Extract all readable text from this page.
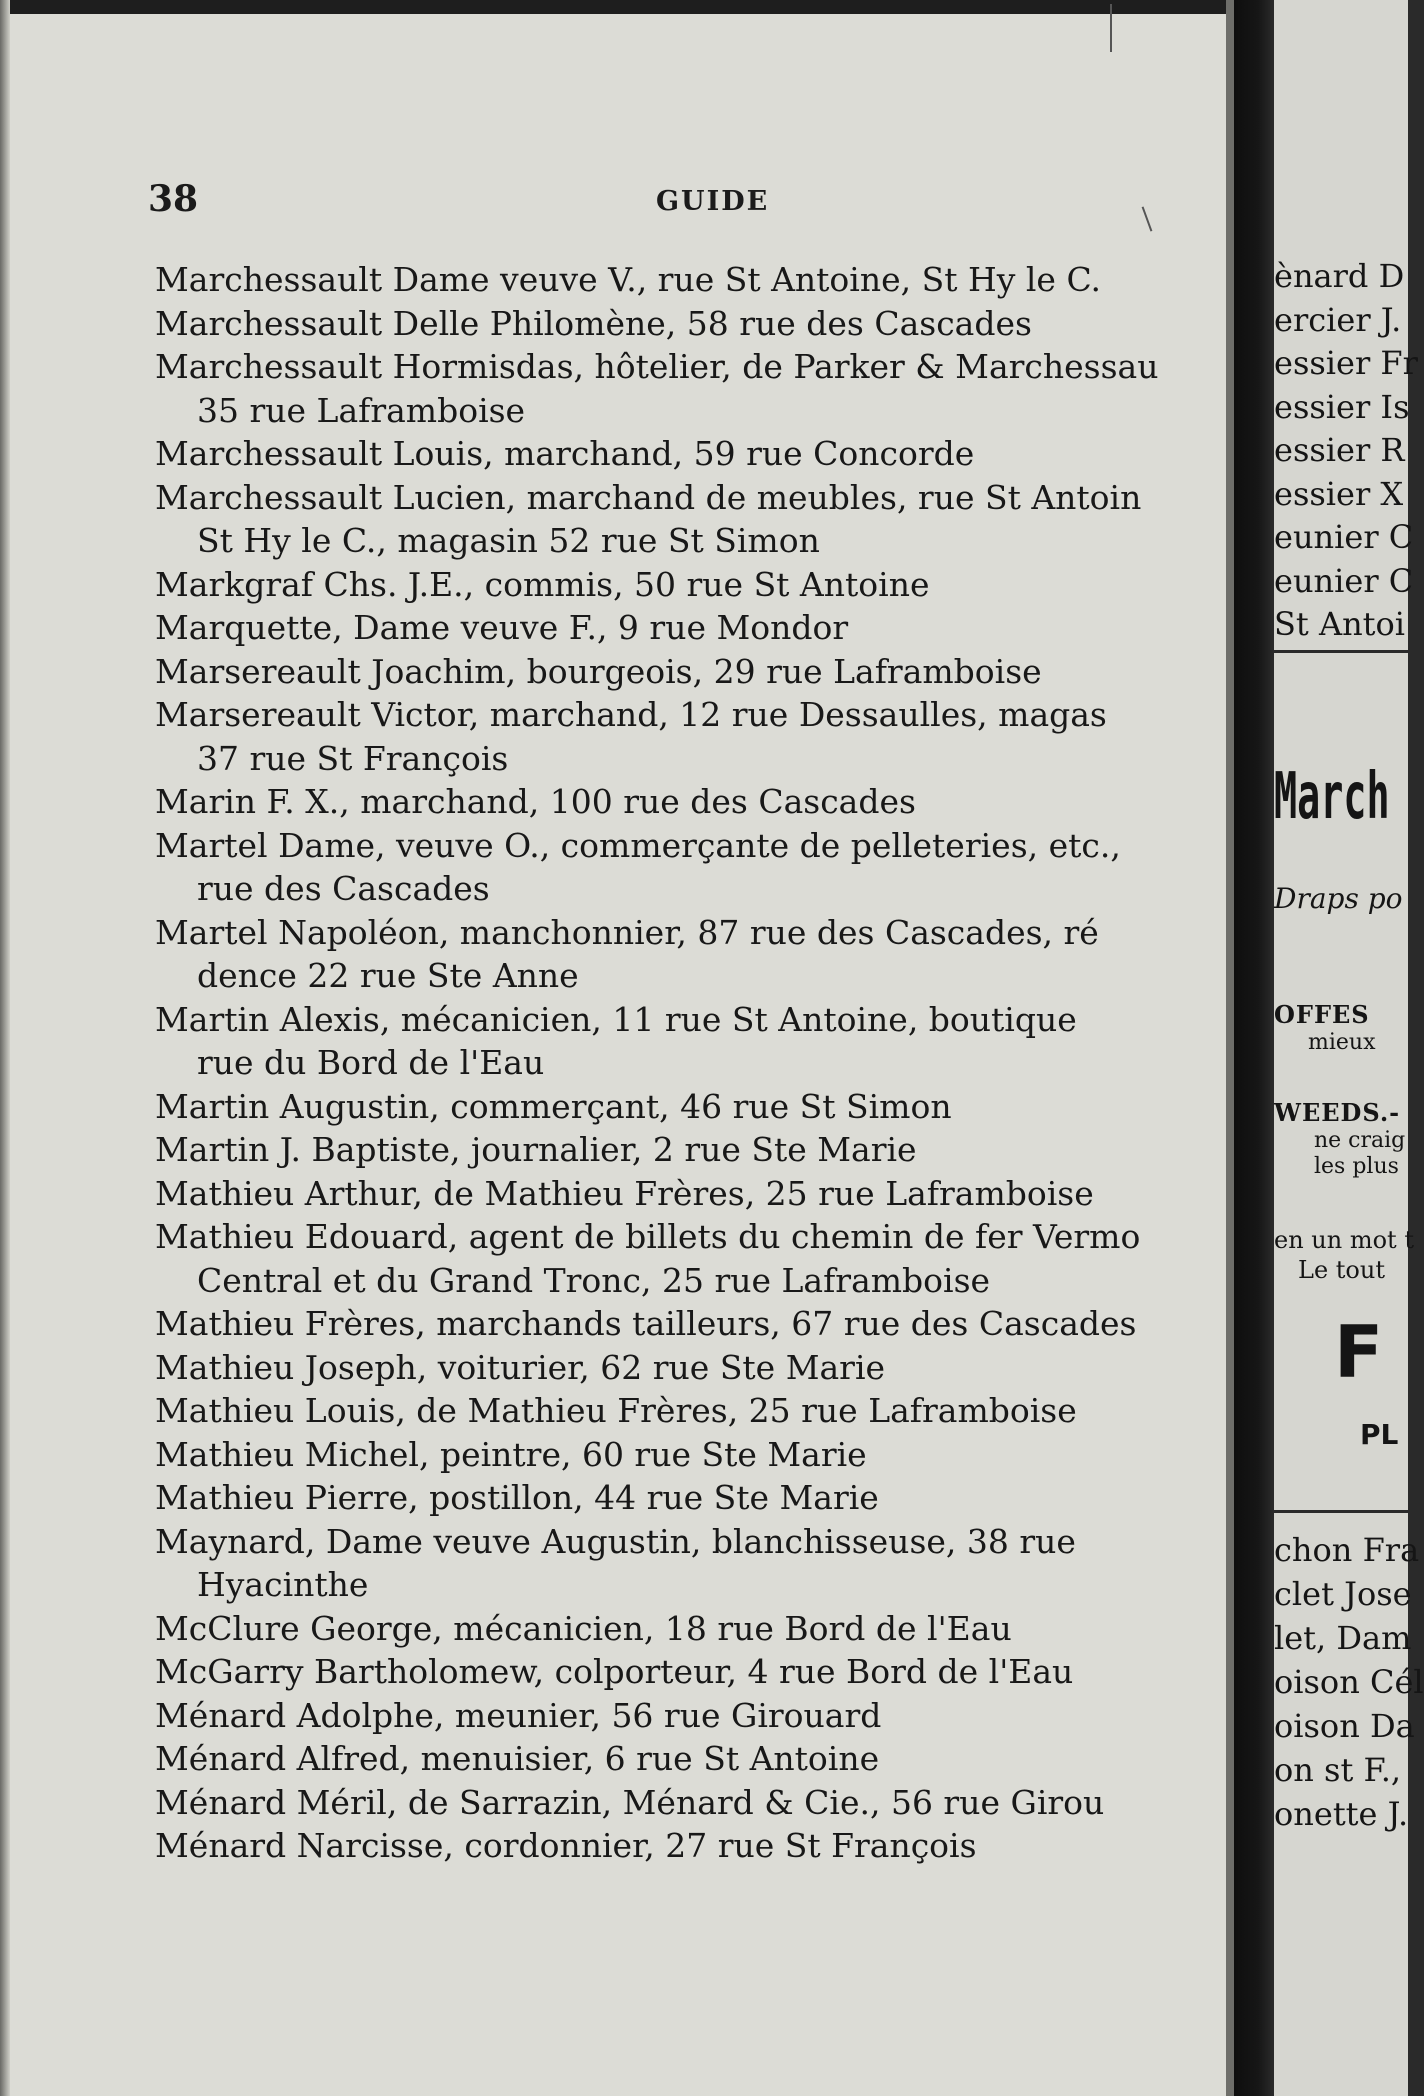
38	GUIDE
Marchessault Dame veuve V., rue St Antoine, St Hy le C.
Marchessault Delle Philomène, 58 rue des Cascades
Marchessault Hormisdas, hôtelier, de Parker & Marchessau
35 rue Laframboise
Marchessault Louis, marchand, 59 rue Concorde
Marchessault Lucien, marchand de meubles, rue St Antoin
St Hy le C., magasin 52 rue St Simon
Markgraf Chs. J.E., commis, 50 rue St Antoine
Marquette, Dame veuve F., 9 rue Mondor
Marsereault Joachim, bourgeois, 29 rue Laframboise
Marsereault Victor, marchand, 12 rue Dessaulles, magas
37 rue St François
Marin F. X., marchand, 100 rue des Cascades
Martel Dame, veuve O., commerçante de pelleteries, etc.,
rue des Cascades
Martel Napoléon, manchonnier, 87 rue des Cascades, ré
dence 22 rue Ste Anne
Martin Alexis, mécanicien, 11 rue St Antoine, boutique
rue du Bord de l'Eau
Martin Augustin, commerçant, 46 rue St Simon
Martin J. Baptiste, journalier, 2 rue Ste Marie
Mathieu Arthur, de Mathieu Frères, 25 rue Laframboise
Mathieu Edouard, agent de billets du chemin de fer Vermo
Central et du Grand Tronc, 25 rue Laframboise
Mathieu Frères, marchands tailleurs, 67 rue des Cascades
Mathieu Joseph, voiturier, 62 rue Ste Marie
Mathieu Louis, de Mathieu Frères, 25 rue Laframboise
Mathieu Michel, peintre, 60 rue Ste Marie
Mathieu Pierre, postillon, 44 rue Ste Marie
Maynard, Dame veuve Augustin, blanchisseuse, 38 rue
Hyacinthe
McClure George, mécanicien, 18 rue Bord de l'Eau
McGarry Bartholomew, colporteur, 4 rue Bord de l'Eau
Ménard Adolphe, meunier, 56 rue Girouard
Ménard Alfred, menuisier, 6 rue St Antoine
Ménard Méril, de Sarrazin, Ménard & Cie., 56 rue Girou
Ménard Narcisse, cordonnier, 27 rue St François
ènard D
ercier J.
essier Fr
essier Is
essier R
essier X
eunier C
eunier C
St Antoi
March
Draps po
OFFES
mieux
WEEDS.-
ne craig
les plus
en un mot t
Le tout
F
PL
chon Fra
clet Jose
let, Dam
oison Cél
oison Da
on st F.,
onette J.
